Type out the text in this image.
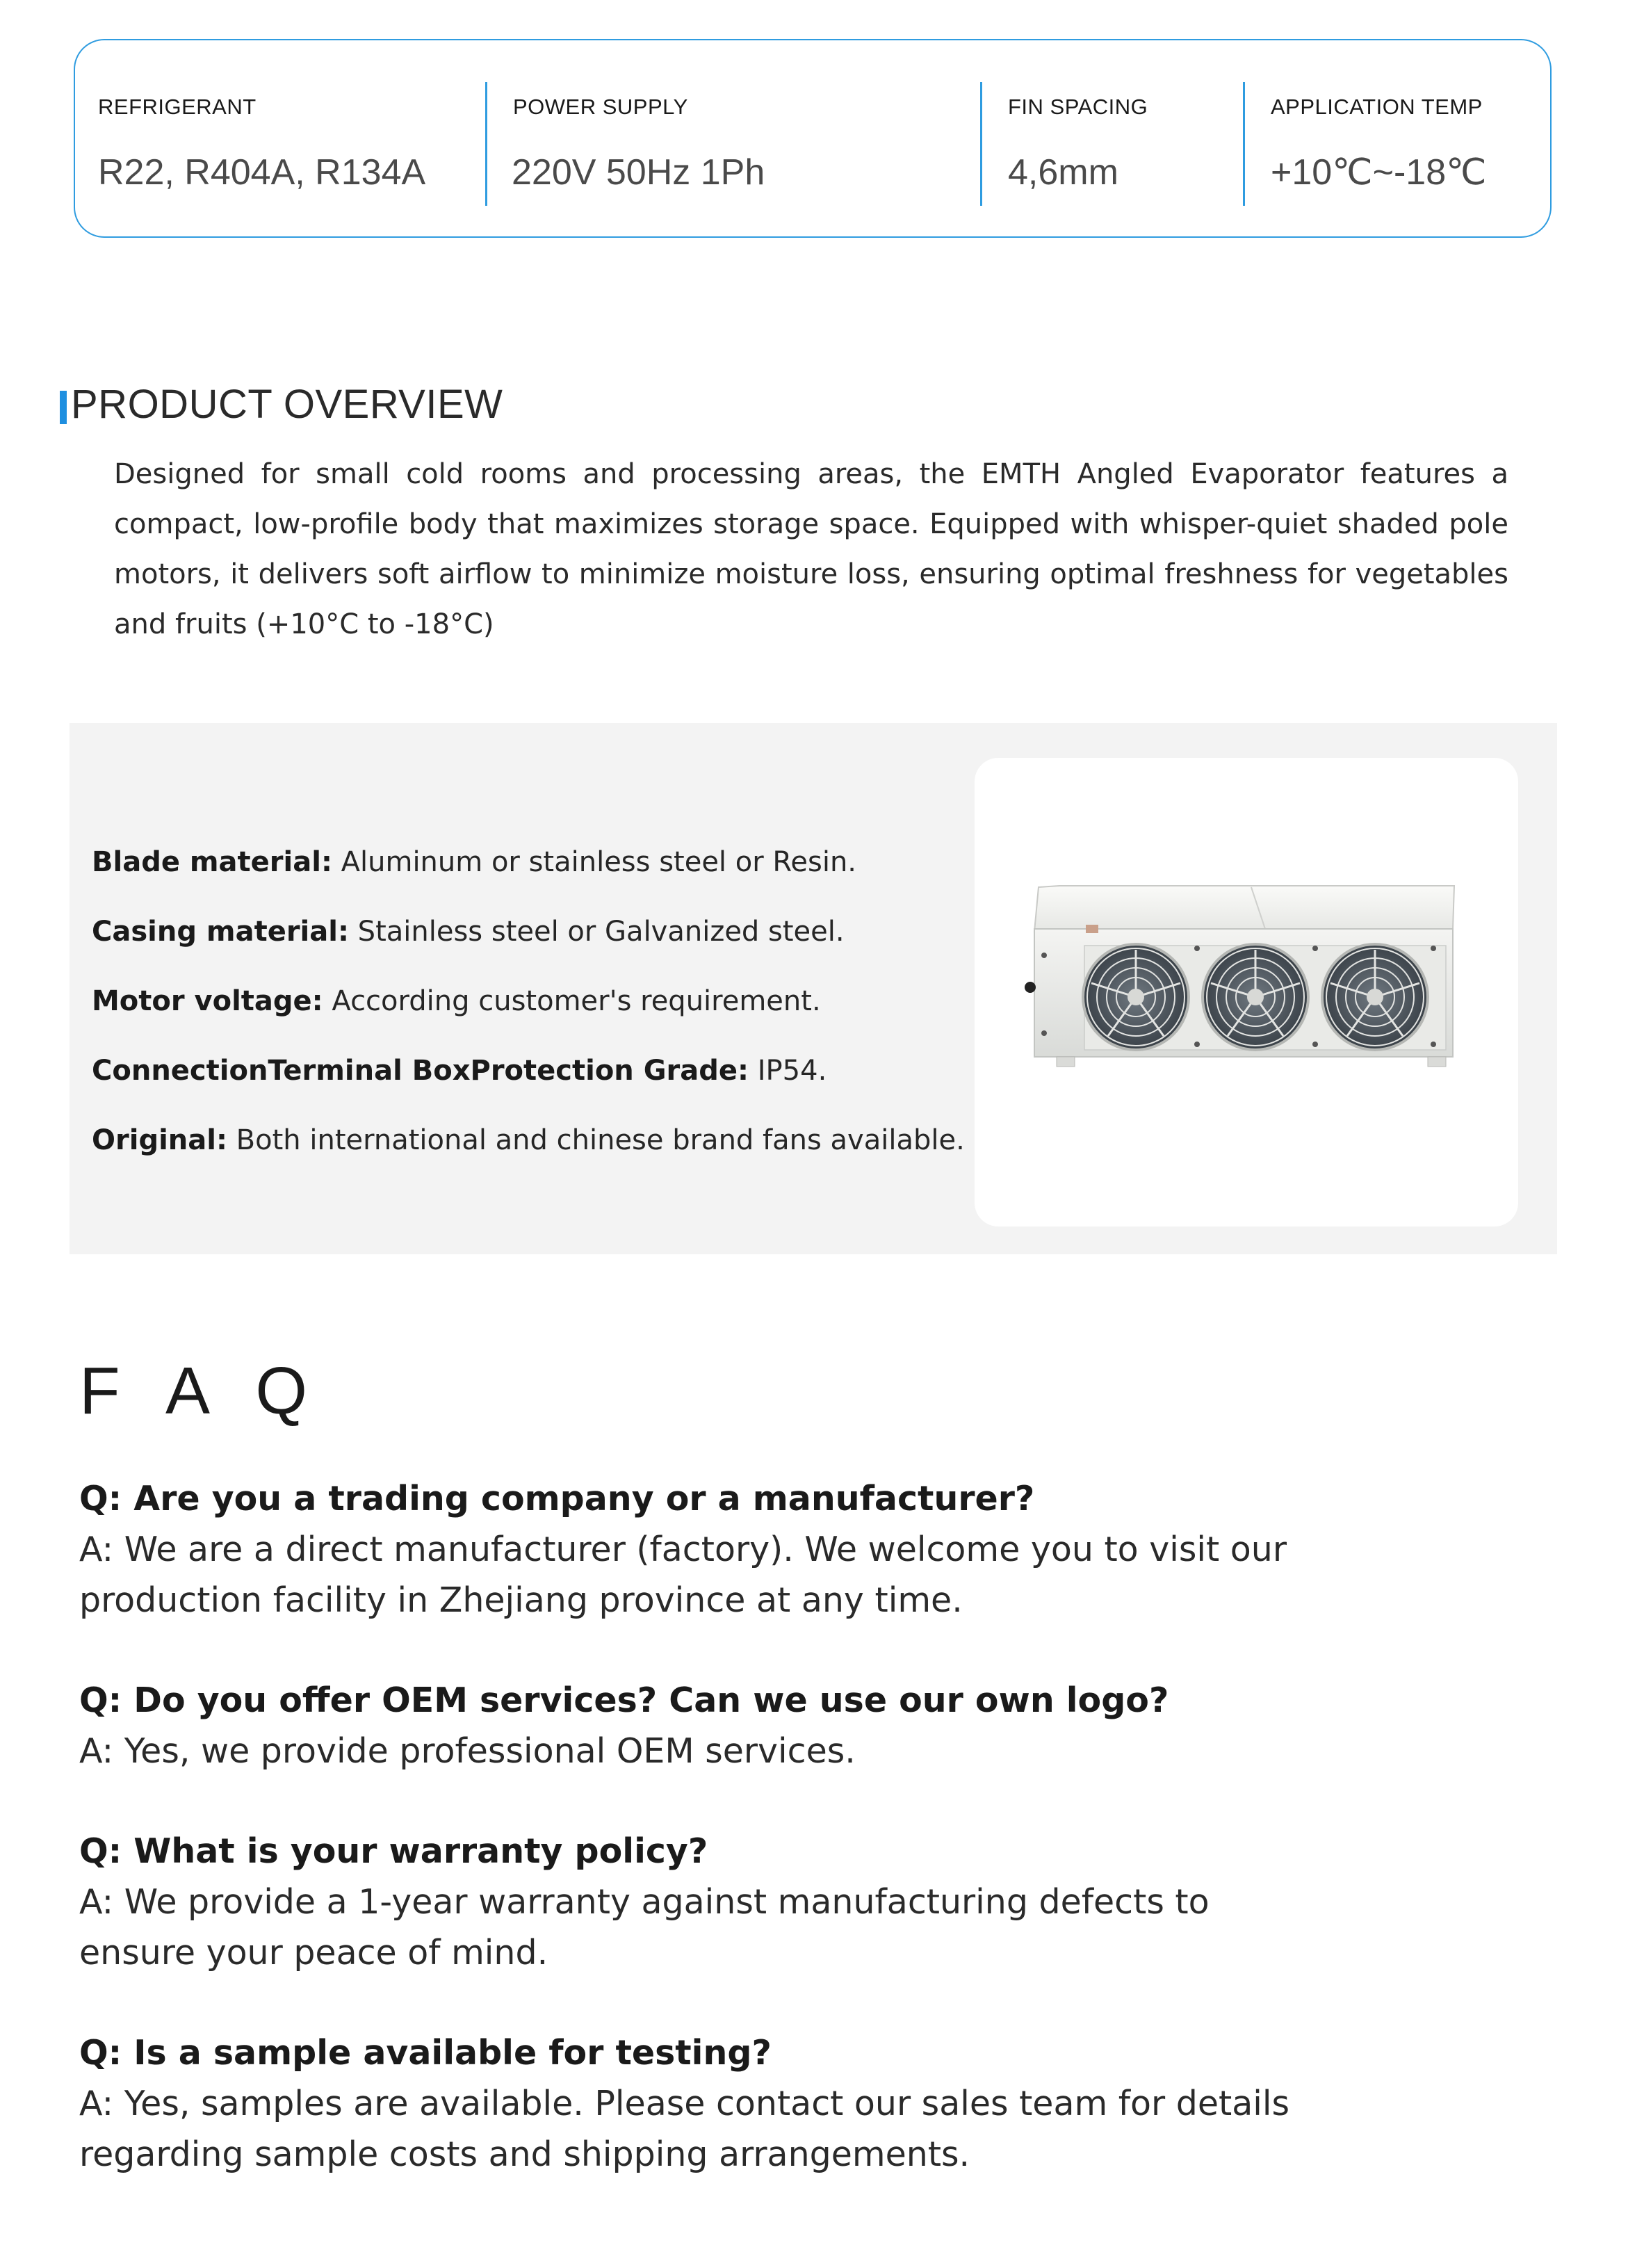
REFRIGERANT
R22, R404A, R134A
POWER SUPPLY
220V 50Hz 1Ph
FIN SPACING
4,6mm
APPLICATION TEMP
+10℃~-18℃
PRODUCT OVERVIEW
Designed for small cold rooms and processing areas, the EMTH Angled Evaporator features a compact, low-profile body that maximizes storage space. Equipped with whisper-quiet shaded pole motors, it delivers soft airflow to minimize moisture loss, ensuring optimal freshness for vegetables and fruits (+10°C to -18°C)
Blade material: Aluminum or stainless steel or Resin.
Casing material: Stainless steel or Galvanized steel.
Motor voltage: According customer's requirement.
ConnectionTerminal BoxProtection Grade: IP54.
Original: Both international and chinese brand fans available.
F A Q
Q: Are you a trading company or a manufacturer?
A: We are a direct manufacturer (factory). We welcome you to visit our production facility in Zhejiang province at any time.
Q: Do you offer OEM services? Can we use our own logo?
A: Yes, we provide professional OEM services.
Q: What is your warranty policy?
A: We provide a 1-year warranty against manufacturing defects to ensure your peace of mind.
Q: Is a sample available for testing?
A: Yes, samples are available. Please contact our sales team for details regarding sample costs and shipping arrangements.
